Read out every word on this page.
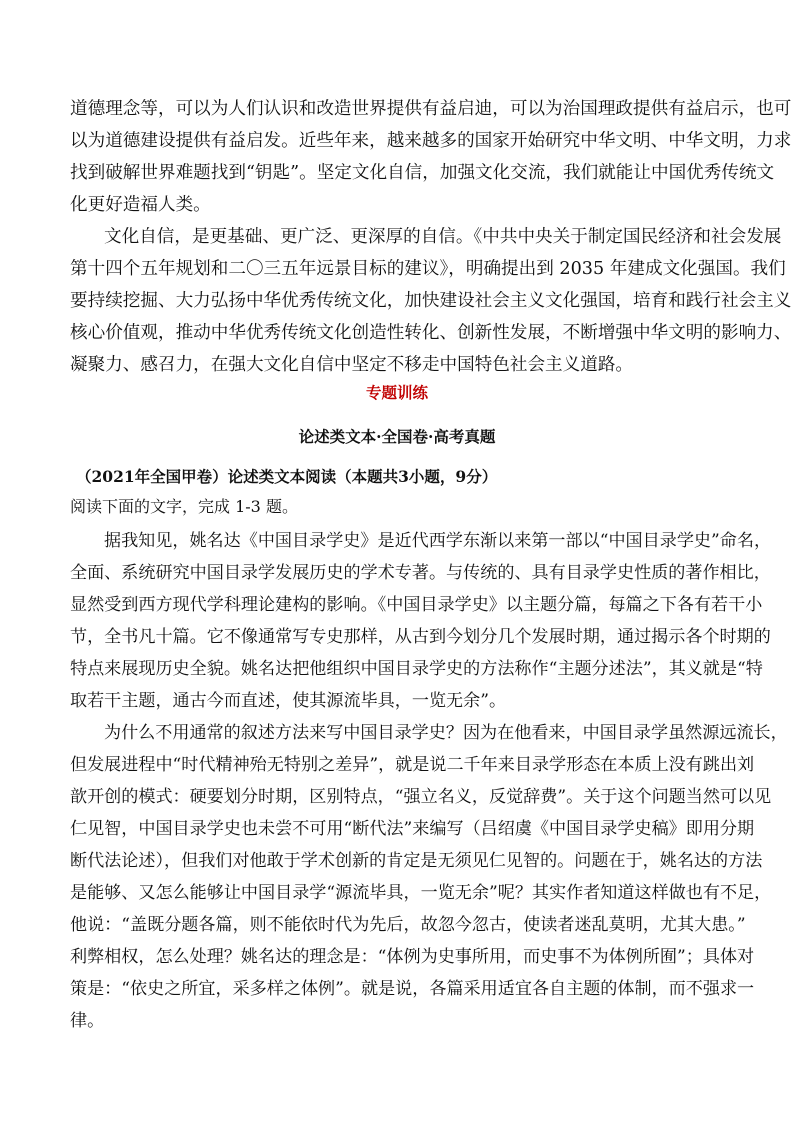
道德理念等，可以为人们认识和改造世界提供有益启迪，可以为治国理政提供有益启示，也可
以为道德建设提供有益启发。近些年来，越来越多的国家开始研究中华文明、中华文明，力求
找到破解世界难题找到“钥匙”。坚定文化自信，加强文化交流，我们就能让中国优秀传统文
化更好造福人类。
文化自信，是更基础、更广泛、更深厚的自信。《中共中央关于制定国民经济和社会发展
第十四个五年规划和二〇三五年远景目标的建议》，明确提出到 2035 年建成文化强国。我们
要持续挖掘、大力弘扬中华优秀传统文化，加快建设社会主义文化强国，培育和践行社会主义
核心价值观，推动中华优秀传统文化创造性转化、创新性发展，不断增强中华文明的影响力、
凝聚力、感召力，在强大文化自信中坚定不移走中国特色社会主义道路。
专题训练
论述类文本·全国卷·高考真题
（2021年全国甲卷）论述类文本阅读（本题共3小题，9分）
阅读下面的文字，完成 1-3 题。
据我知见，姚名达《中国目录学史》是近代西学东渐以来第一部以“中国目录学史”命名，
全面、系统研究中国目录学发展历史的学术专著。与传统的、具有目录学史性质的著作相比，
显然受到西方现代学科理论建构的影响。《中国目录学史》以主题分篇，每篇之下各有若干小
节，全书凡十篇。它不像通常写专史那样，从古到今划分几个发展时期，通过揭示各个时期的
特点来展现历史全貌。姚名达把他组织中国目录学史的方法称作“主题分述法”，其义就是“特
取若干主题，通古今而直述，使其源流毕具，一览无余”。
为什么不用通常的叙述方法来写中国目录学史？因为在他看来，中国目录学虽然源远流长，
但发展进程中“时代精神殆无特别之差异”，就是说二千年来目录学形态在本质上没有跳出刘
歆开创的模式：硬要划分时期，区别特点，“强立名义，反觉辞费”。关于这个问题当然可以见
仁见智，中国目录学史也未尝不可用“断代法”来编写（吕绍虞《中国目录学史稿》即用分期
断代法论述），但我们对他敢于学术创新的肯定是无须见仁见智的。问题在于，姚名达的方法
是能够、又怎么能够让中国目录学“源流毕具，一览无余”呢？其实作者知道这样做也有不足，
他说：“盖既分题各篇，则不能依时代为先后，故忽今忽古，使读者迷乱莫明，尤其大患。”
利弊相权，怎么处理？姚名达的理念是：“体例为史事所用，而史事不为体例所囿”；具体对
策是：“依史之所宜，采多样之体例”。就是说，各篇采用适宜各自主题的体制，而不强求一
律。
